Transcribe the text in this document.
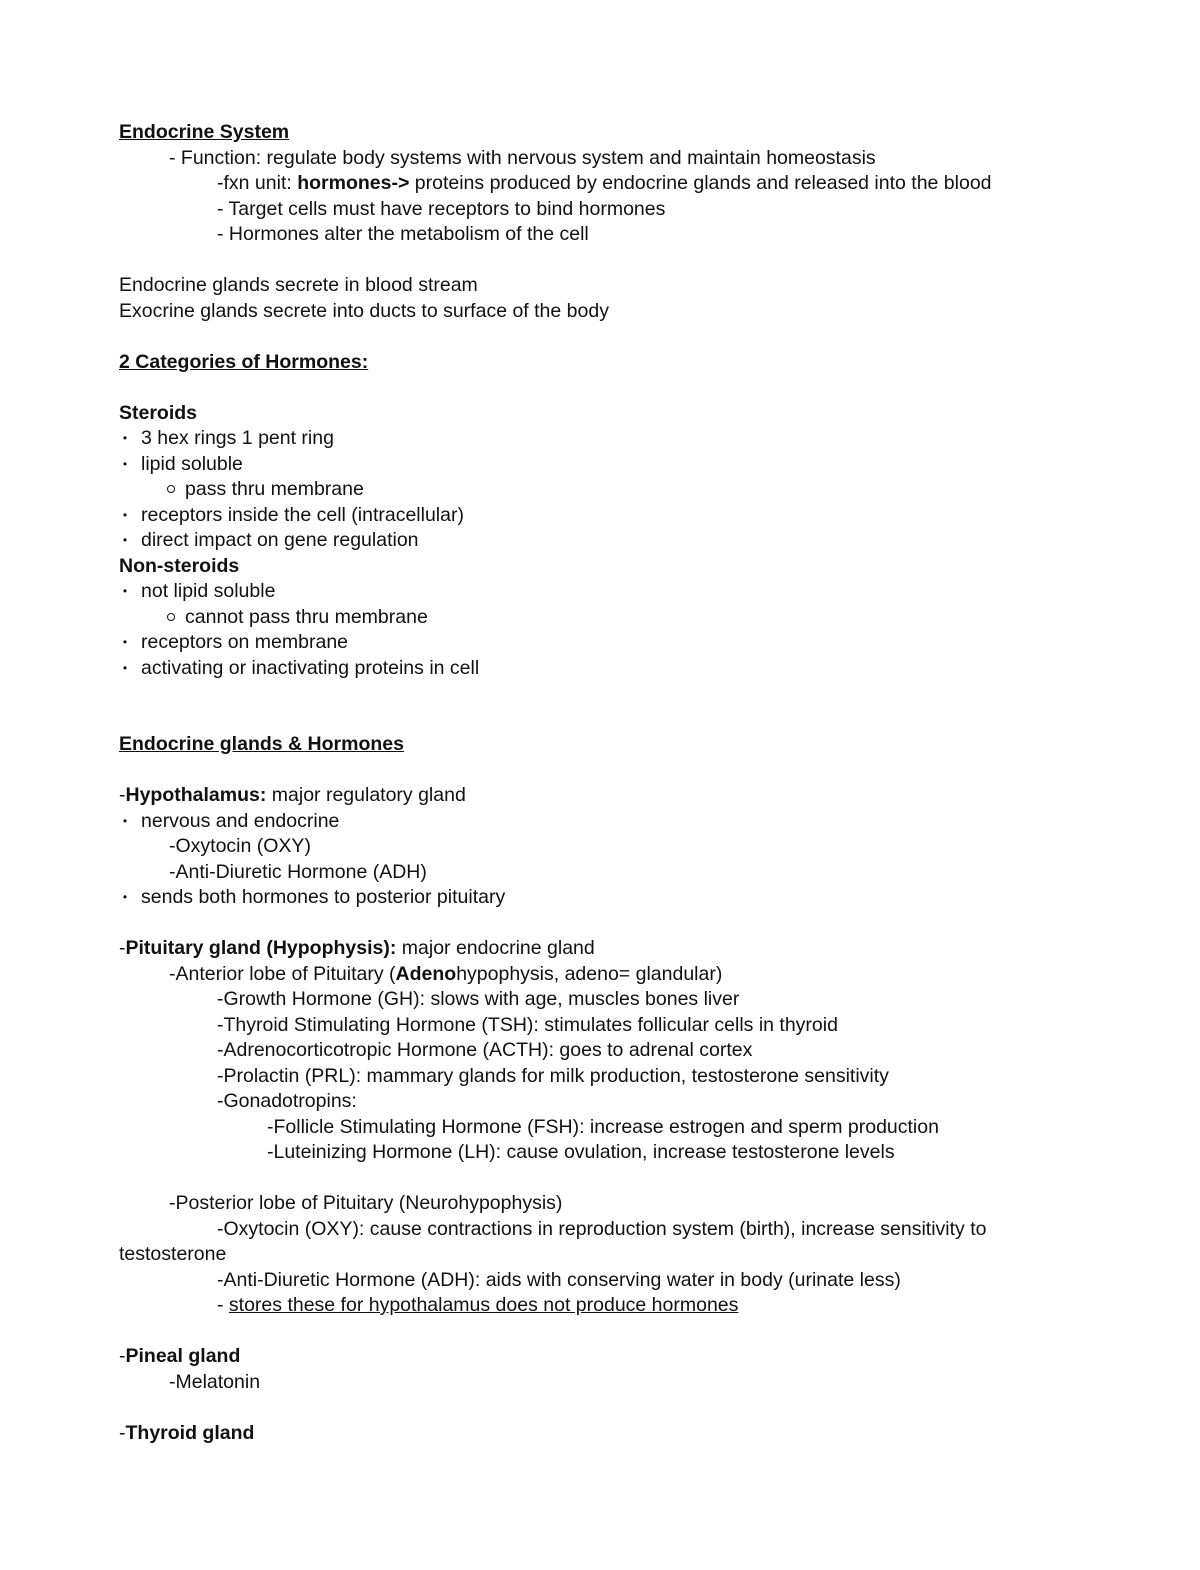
Endocrine System
- Function: regulate body systems with nervous system and maintain homeostasis
-fxn unit: hormones-> proteins produced by endocrine glands and released into the blood
- Target cells must have receptors to bind hormones
- Hormones alter the metabolism of the cell
Endocrine glands secrete in blood stream
Exocrine glands secrete into ducts to surface of the body
2 Categories of Hormones:
Steroids
• 3 hex rings 1 pent ring
• lipid soluble
pass thru membrane
• receptors inside the cell (intracellular)
• direct impact on gene regulation
Non-steroids
• not lipid soluble
cannot pass thru membrane
• receptors on membrane
• activating or inactivating proteins in cell
Endocrine glands & Hormones
-Hypothalamus: major regulatory gland
• nervous and endocrine
-Oxytocin (OXY)
-Anti-Diuretic Hormone (ADH)
• sends both hormones to posterior pituitary
-Pituitary gland (Hypophysis): major endocrine gland
-Anterior lobe of Pituitary (Adenohypophysis, adeno= glandular)
-Growth Hormone (GH): slows with age, muscles bones liver
-Thyroid Stimulating Hormone (TSH): stimulates follicular cells in thyroid
-Adrenocorticotropic Hormone (ACTH): goes to adrenal cortex
-Prolactin (PRL): mammary glands for milk production, testosterone sensitivity
-Gonadotropins:
-Follicle Stimulating Hormone (FSH): increase estrogen and sperm production
-Luteinizing Hormone (LH): cause ovulation, increase testosterone levels
-Posterior lobe of Pituitary (Neurohypophysis)
-Oxytocin (OXY): cause contractions in reproduction system (birth), increase sensitivity to
testosterone
-Anti-Diuretic Hormone (ADH): aids with conserving water in body (urinate less)
- stores these for hypothalamus does not produce hormones
-Pineal gland
-Melatonin
-Thyroid gland
